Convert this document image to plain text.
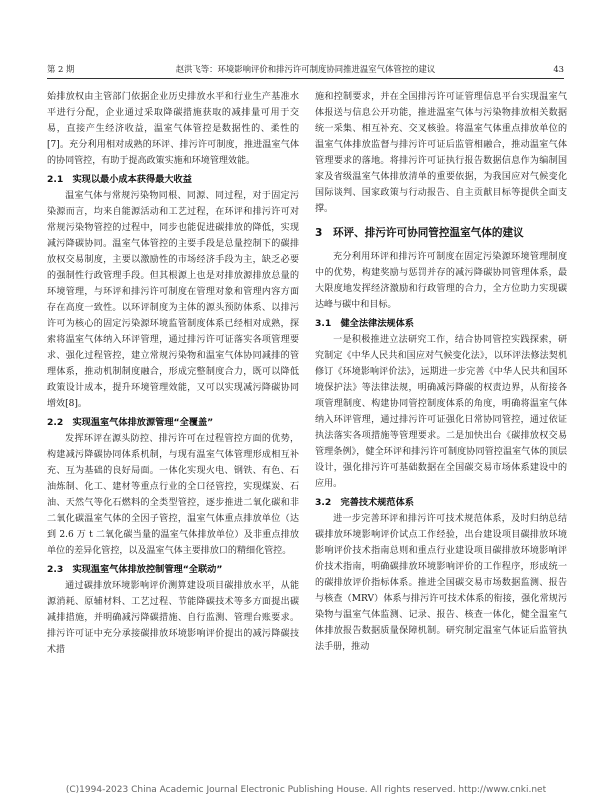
第 2 期	赵洪飞等：环境影响评价和排污许可制度协同推进温室气体管控的建议	43

始排放权由主管部门依据企业历史排放水平和行业生产基准水平进行分配，企业通过采取降碳措施获取的减排量可用于交易，直接产生经济收益，温室气体管控是数据性的、柔性的[7]。充分利用相对成熟的环评、排污许可制度，推进温室气体的协同管控，有助于提高政策实施和环境管理效能。

2.1　实现以最小成本获得最大收益

温室气体与常规污染物同根、同源、同过程，对于固定污染源而言，均来自能源活动和工艺过程，在环评和排污许可对常规污染物管控的过程中，同步也能促进碳排放的降低，实现减污降碳协同。温室气体管控的主要手段是总量控制下的碳排放权交易制度，主要以激励性的市场经济手段为主，缺乏必要的强制性行政管理手段。但其根源上也是对排放源排放总量的环境管理，与环评和排污许可制度在管理对象和管理内容方面存在高度一致性。以环评制度为主体的源头预防体系、以排污许可为核心的固定污染源环境监管制度体系已经相对成熟，探索将温室气体纳入环评管理，通过排污许可证落实各项管理要求、强化过程管控，建立常规污染物和温室气体协同减排的管理体系，推动机制制度融合，形成完整制度合力，既可以降低政策设计成本，提升环境管理效能，又可以实现减污降碳协同增效[8]。

2.2　实现温室气体排放源管理“全覆盖”

发挥环评在源头防控、排污许可在过程管控方面的优势，构建减污降碳协同体系机制，与现有温室气体管理形成相互补充、互为基础的良好局面。一体化实现火电、钢铁、有色、石油炼制、化工、建材等重点行业的全口径管控，实现煤炭、石油、天然气等化石燃料的全类型管控，逐步推进二氧化碳和非二氧化碳温室气体的全因子管控，温室气体重点排放单位（达到 2.6 万 t 二氧化碳当量的温室气体排放单位）及非重点排放单位的差异化管控，以及温室气体主要排放口的精细化管控。

2.3　实现温室气体排放控制管理“全联动”

通过碳排放环境影响评价测算建设项目碳排放水平，从能源消耗、原辅材料、工艺过程、节能降碳技术等多方面提出碳减排措施，并明确减污降碳措施、自行监测、管理台账要求。排污许可证中充分承接碳排放环境影响评价提出的减污降碳技术措

施和控制要求，并在全国排污许可证管理信息平台实现温室气体报送与信息公开功能，推进温室气体与污染物排放相关数据统一采集、相互补充、交叉核验。将温室气体重点排放单位的温室气体排放监督与排污许可证后监管相融合，推动温室气体管理要求的落地。将排污许可证执行报告数据信息作为编制国家及省级温室气体排放清单的重要依据，为我国应对气候变化国际谈判、国家政策与行动报告、自主贡献目标等提供全面支撑。

3　环评、排污许可协同管控温室气体的建议

充分利用环评和排污许可制度在固定污染源环境管理制度中的优势，构建奖励与惩罚并存的减污降碳协同管理体系，最大限度地发挥经济激励和行政管理的合力，全方位助力实现碳达峰与碳中和目标。

3.1　健全法律法规体系

一是积极推进立法研究工作，结合协同管控实践探索，研究制定《中华人民共和国应对气候变化法》，以环评法修法契机修订《环境影响评价法》，远期进一步完善《中华人民共和国环境保护法》等法律法规，明确减污降碳的权责边界，从衔接各项管理制度、构建协同管控制度体系的角度，明确将温室气体纳入环评管理，通过排污许可证强化日常协同管控，通过依证执法落实各项措施等管理要求。二是加快出台《碳排放权交易管理条例》，健全环评和排污许可制度协同管控温室气体的顶层设计，强化排污许可基础数据在全国碳交易市场体系建设中的应用。

3.2　完善技术规范体系

进一步完善环评和排污许可技术规范体系，及时归纳总结碳排放环境影响评价试点工作经验，出台建设项目碳排放环境影响评价技术指南总则和重点行业建设项目碳排放环境影响评价技术指南，明确碳排放环境影响评价的工作程序，形成统一的碳排放评价指标体系。推进全国碳交易市场数据监测、报告与核查（MRV）体系与排污许可技术体系的衔接，强化常规污染物与温室气体监测、记录、报告、核查一体化，健全温室气体排放报告数据质量保障机制。研究制定温室气体证后监管执法手册，推动

(C)1994-2023 China Academic Journal Electronic Publishing House. All rights reserved. http://www.cnki.net
